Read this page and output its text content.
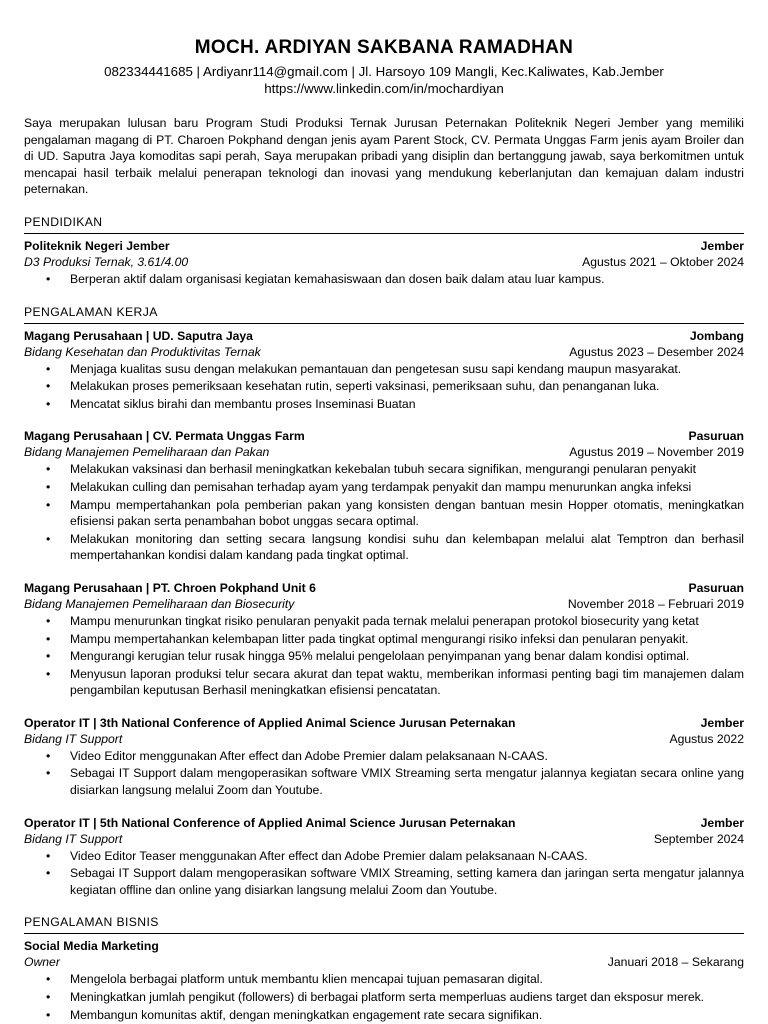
MOCH. ARDIYAN SAKBANA RAMADHAN
082334441685 | Ardiyanr114@gmail.com | Jl. Harsoyo 109 Mangli, Kec.Kaliwates, Kab.Jember
https://www.linkedin.com/in/mochardiyan
Saya merupakan lulusan baru Program Studi Produksi Ternak Jurusan Peternakan Politeknik Negeri Jember yang memiliki pengalaman magang di PT. Charoen Pokphand dengan jenis ayam Parent Stock, CV. Permata Unggas Farm jenis ayam Broiler dan di UD. Saputra Jaya komoditas sapi perah, Saya merupakan pribadi yang disiplin dan bertanggung jawab, saya berkomitmen untuk mencapai hasil terbaik melalui penerapan teknologi dan inovasi yang mendukung keberlanjutan dan kemajuan dalam industri peternakan.
PENDIDIKAN
Politeknik Negeri Jember	Jember
D3 Produksi Ternak, 3.61/4.00	Agustus 2021 – Oktober 2024
• Berperan aktif dalam organisasi kegiatan kemahasiswaan dan dosen baik dalam atau luar kampus.
PENGALAMAN KERJA
Magang Perusahaan | UD. Saputra Jaya	Jombang
Bidang Kesehatan dan Produktivitas Ternak	Agustus 2023 – Desember 2024
• Menjaga kualitas susu dengan melakukan pemantauan dan pengetesan susu sapi kendang maupun masyarakat.
• Melakukan proses pemeriksaan kesehatan rutin, seperti vaksinasi, pemeriksaan suhu, dan penanganan luka.
• Mencatat siklus birahi dan membantu proses Inseminasi Buatan
Magang Perusahaan | CV. Permata Unggas Farm	Pasuruan
Bidang Manajemen Pemeliharaan dan Pakan	Agustus 2019 – November 2019
• Melakukan vaksinasi dan berhasil meningkatkan kekebalan tubuh secara signifikan, mengurangi penularan penyakit
• Melakukan culling dan pemisahan terhadap ayam yang terdampak penyakit dan mampu menurunkan angka infeksi
• Mampu mempertahankan pola pemberian pakan yang konsisten dengan bantuan mesin Hopper otomatis, meningkatkan efisiensi pakan serta penambahan bobot unggas secara optimal.
• Melakukan monitoring dan setting secara langsung kondisi suhu dan kelembapan melalui alat Temptron dan berhasil mempertahankan kondisi dalam kandang pada tingkat optimal.
Magang Perusahaan | PT. Chroen Pokphand Unit 6	Pasuruan
Bidang Manajemen Pemeliharaan dan Biosecurity	November 2018 – Februari 2019
• Mampu menurunkan tingkat risiko penularan penyakit pada ternak melalui penerapan protokol biosecurity yang ketat
• Mampu mempertahankan kelembapan litter pada tingkat optimal mengurangi risiko infeksi dan penularan penyakit.
• Mengurangi kerugian telur rusak hingga 95% melalui pengelolaan penyimpanan yang benar dalam kondisi optimal.
• Menyusun laporan produksi telur secara akurat dan tepat waktu, memberikan informasi penting bagi tim manajemen dalam pengambilan keputusan Berhasil meningkatkan efisiensi pencatatan.
Operator IT | 3th National Conference of Applied Animal Science Jurusan Peternakan	Jember
Bidang IT Support	Agustus 2022
• Video Editor menggunakan After effect dan Adobe Premier dalam pelaksanaan N-CAAS.
• Sebagai IT Support dalam mengoperasikan software VMIX Streaming serta mengatur jalannya kegiatan secara online yang disiarkan langsung melalui Zoom dan Youtube.
Operator IT | 5th National Conference of Applied Animal Science Jurusan Peternakan	Jember
Bidang IT Support	September 2024
• Video Editor Teaser menggunakan After effect dan Adobe Premier dalam pelaksanaan N-CAAS.
• Sebagai IT Support dalam mengoperasikan software VMIX Streaming, setting kamera dan jaringan serta mengatur jalannya kegiatan offline dan online yang disiarkan langsung melalui Zoom dan Youtube.
PENGALAMAN BISNIS
Social Media Marketing
Owner	Januari 2018 – Sekarang
• Mengelola berbagai platform untuk membantu klien mencapai tujuan pemasaran digital.
• Meningkatkan jumlah pengikut (followers) di berbagai platform serta memperluas audiens target dan eksposur merek.
• Membangun komunitas aktif, dengan meningkatkan engagement rate secara signifikan.
